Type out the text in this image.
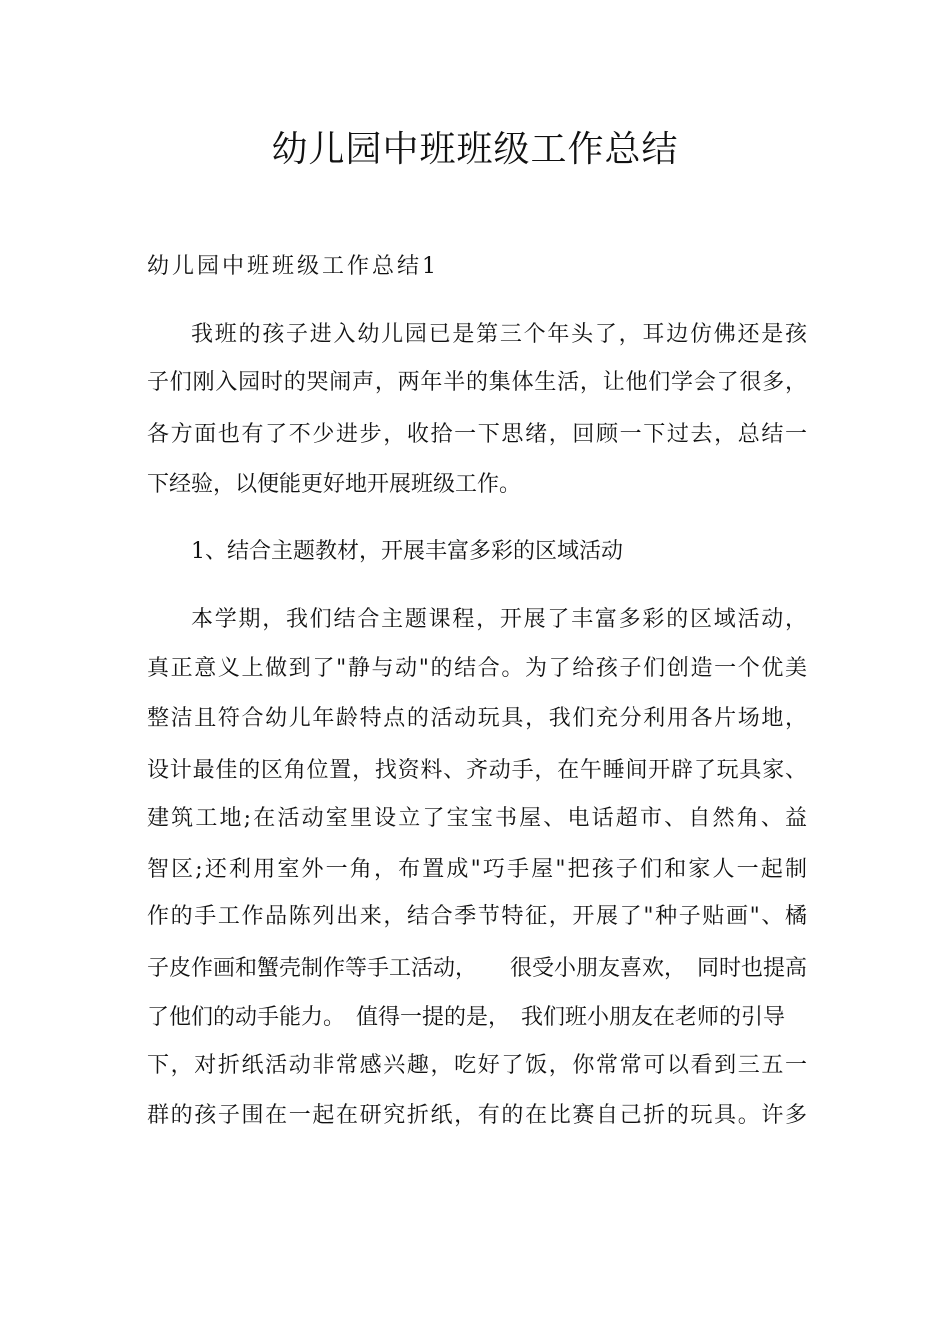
幼儿园中班班级工作总结
幼儿园中班班级工作总结1
我班的孩子进入幼儿园已是第三个年头了，耳边仿佛还是孩
子们刚入园时的哭闹声，两年半的集体生活，让他们学会了很多，
各方面也有了不少进步，收拾一下思绪，回顾一下过去，总结一
下经验，以便能更好地开展班级工作。
1、结合主题教材，开展丰富多彩的区域活动
本学期，我们结合主题课程，开展了丰富多彩的区域活动，
真正意义上做到了"静与动"的结合。为了给孩子们创造一个优美
整洁且符合幼儿年龄特点的活动玩具，我们充分利用各片场地，
设计最佳的区角位置，找资料、齐动手，在午睡间开辟了玩具家、
建筑工地;在活动室里设立了宝宝书屋、电话超市、自然角、益
智区;还利用室外一角，布置成"巧手屋"把孩子们和家人一起制
作的手工作品陈列出来，结合季节特征，开展了"种子贴画"、橘
子皮作画和蟹壳制作等手工活动，　　很受小朋友喜欢，　同时也提高
了他们的动手能力。　值得一提的是，　我们班小朋友在老师的引导
下，对折纸活动非常感兴趣，吃好了饭，你常常可以看到三五一
群的孩子围在一起在研究折纸，有的在比赛自己折的玩具。许多
